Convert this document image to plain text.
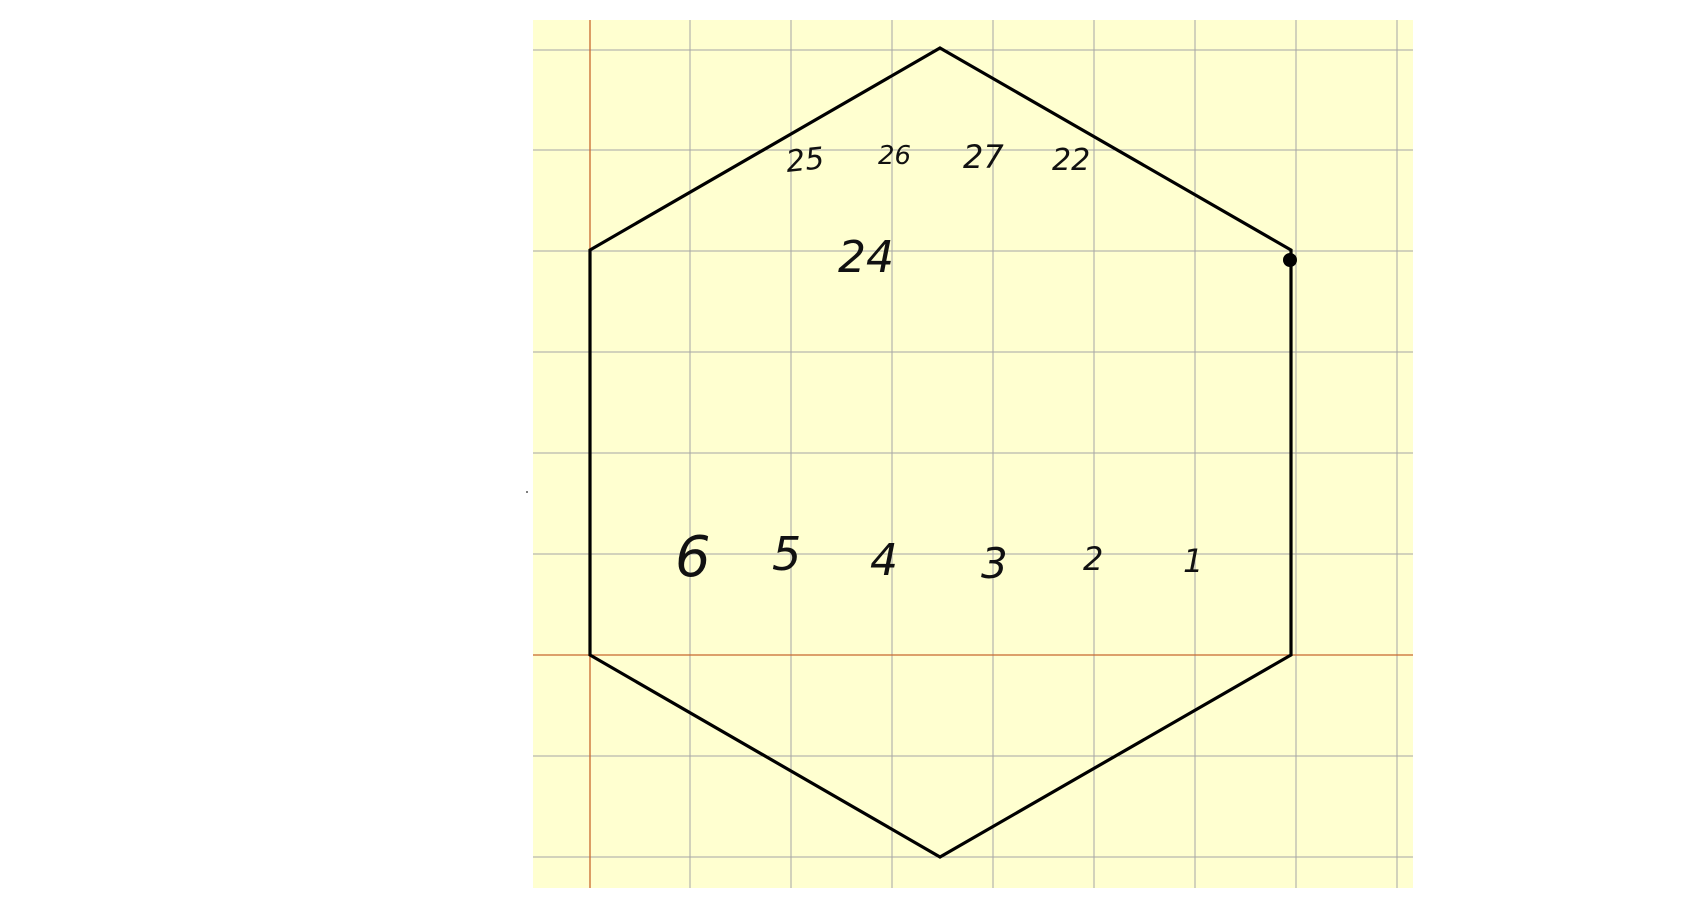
25 26 27 22
24
6 5 4 3 2 1
